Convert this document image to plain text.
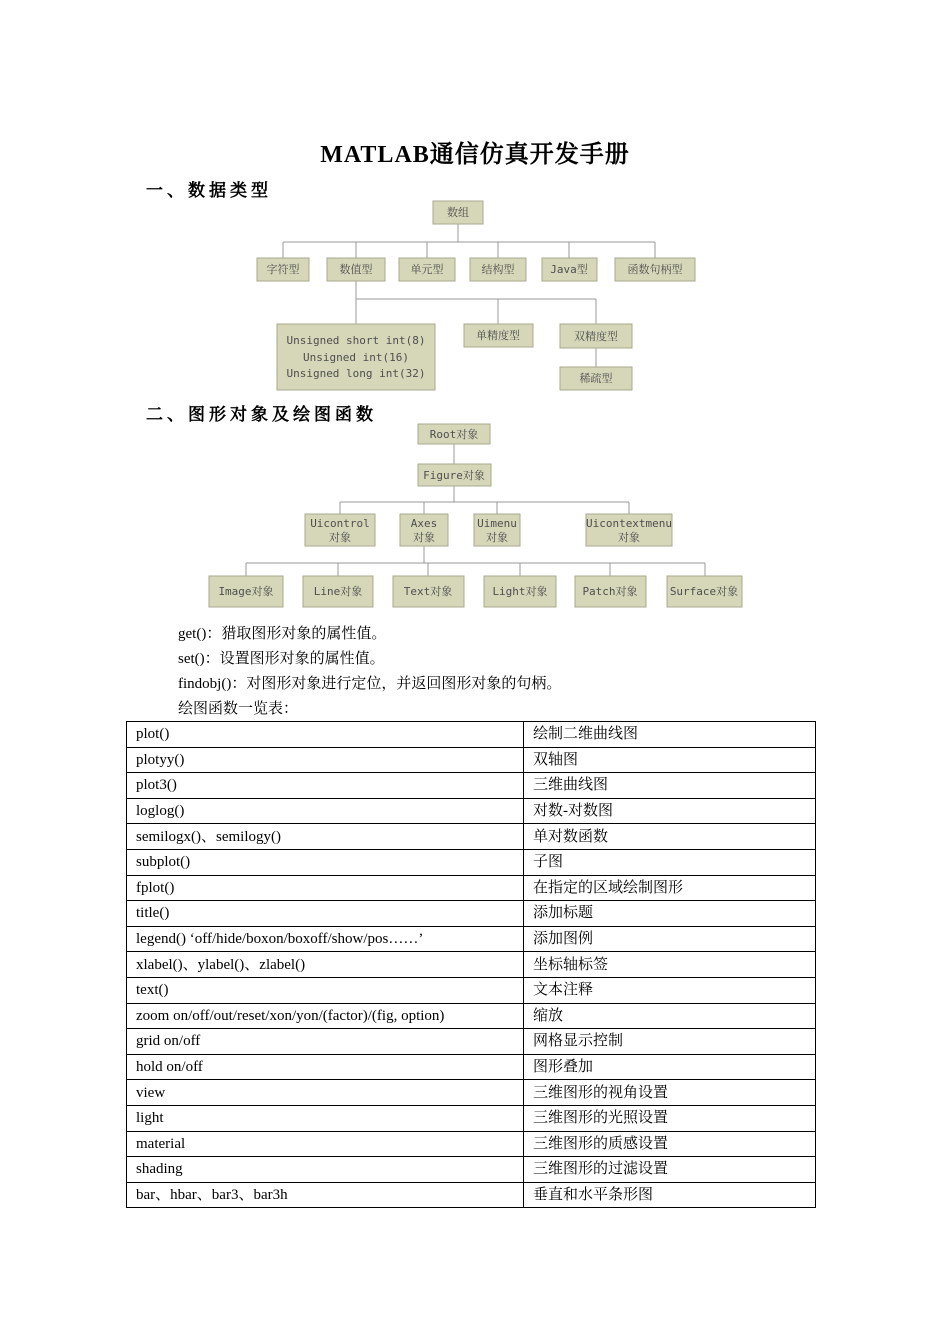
MATLAB通信仿真开发手册
一、数据类型
数组
字符型	数值型	单元型	结构型	Java型	函数句柄型
Unsigned short int(8)
Unsigned int(16)
Unsigned long int(32)
单精度型	双精度型
稀疏型
二、图形对象及绘图函数
Root对象
Figure对象
Uicontrol
对象
Axes
对象
Uimenu
对象
Uicontextmenu
对象
Image对象	Line对象	Text对象	Light对象	Patch对象	Surface对象
get()：猎取图形对象的属性值。
set()：设置图形对象的属性值。
findobj()：对图形对象进行定位，并返回图形对象的句柄。
绘图函数一览表：
plot()	绘制二维曲线图
plotyy()	双轴图
plot3()	三维曲线图
loglog()	对数-对数图
semilogx()、semilogy()	单对数函数
subplot()	子图
fplot()	在指定的区域绘制图形
title()	添加标题
legend() ‘off/hide/boxon/boxoff/show/pos……’	添加图例
xlabel()、ylabel()、zlabel()	坐标轴标签
text()	文本注释
zoom on/off/out/reset/xon/yon/(factor)/(fig, option)	缩放
grid on/off	网格显示控制
hold on/off	图形叠加
view	三维图形的视角设置
light	三维图形的光照设置
material	三维图形的质感设置
shading	三维图形的过滤设置
bar、hbar、bar3、bar3h	垂直和水平条形图
